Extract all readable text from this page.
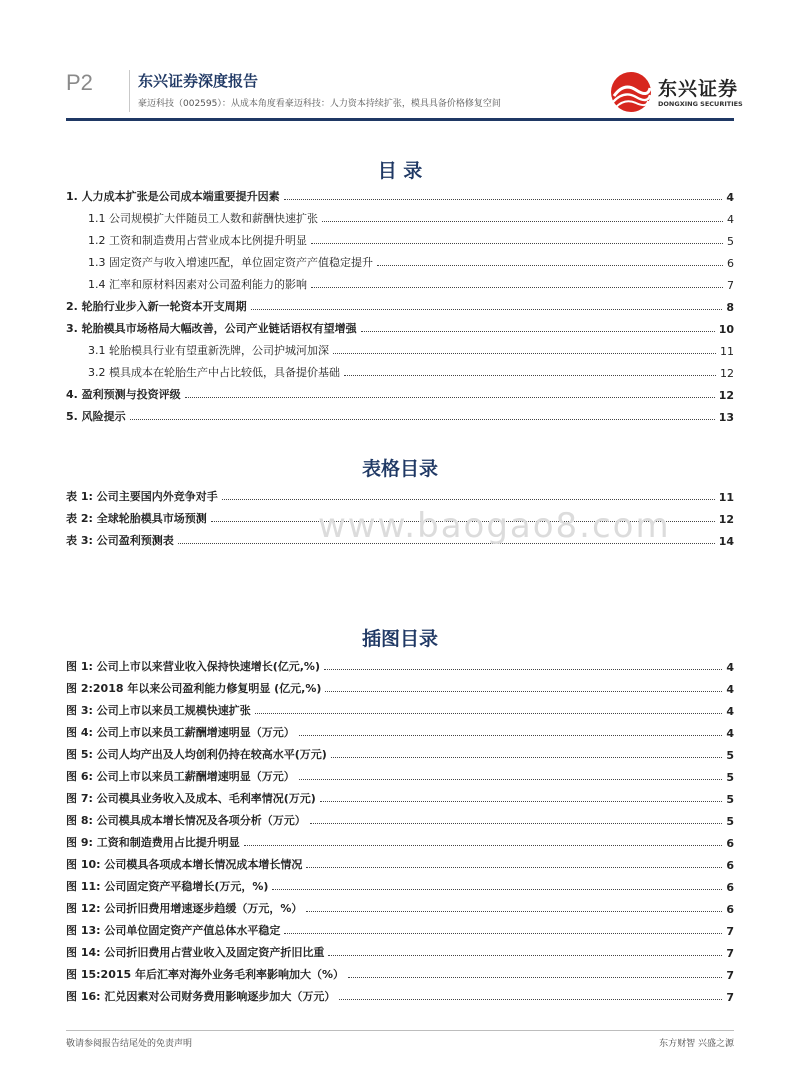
P2	东兴证券深度报告
豪迈科技（002595）：从成本角度看豪迈科技：人力资本持续扩张，模具具备价格修复空间
东兴证券
DONGXING SECURITIES
目 录
1. 人力成本扩张是公司成本端重要提升因素	4
1.1 公司规模扩大伴随员工人数和薪酬快速扩张	4
1.2 工资和制造费用占营业成本比例提升明显	5
1.3 固定资产与收入增速匹配，单位固定资产产值稳定提升	6
1.4 汇率和原材料因素对公司盈利能力的影响	7
2. 轮胎行业步入新一轮资本开支周期	8
3. 轮胎模具市场格局大幅改善，公司产业链话语权有望增强	10
3.1 轮胎模具行业有望重新洗牌，公司护城河加深	11
3.2 模具成本在轮胎生产中占比较低，具备提价基础	12
4. 盈利预测与投资评级	12
5. 风险提示	13
表格目录
表 1: 公司主要国内外竞争对手	11
表 2: 全球轮胎模具市场预测	12
表 3: 公司盈利预测表	14
www.baogao8.com
插图目录
图 1: 公司上市以来营业收入保持快速增长(亿元,%)	4
图 2:2018 年以来公司盈利能力修复明显 (亿元,%)	4
图 3: 公司上市以来员工规模快速扩张	4
图 4: 公司上市以来员工薪酬增速明显（万元）	4
图 5: 公司人均产出及人均创利仍持在较高水平(万元)	5
图 6: 公司上市以来员工薪酬增速明显（万元）	5
图 7: 公司模具业务收入及成本、毛利率情况(万元)	5
图 8: 公司模具成本增长情况及各项分析（万元）	5
图 9: 工资和制造费用占比提升明显	6
图 10: 公司模具各项成本增长情况成本增长情况	6
图 11: 公司固定资产平稳增长(万元，%)	6
图 12: 公司折旧费用增速逐步趋缓（万元，%）	6
图 13: 公司单位固定资产产值总体水平稳定	7
图 14: 公司折旧费用占营业收入及固定资产折旧比重	7
图 15:2015 年后汇率对海外业务毛利率影响加大（%）	7
图 16: 汇兑因素对公司财务费用影响逐步加大（万元）	7
敬请参阅报告结尾处的免责声明	东方财智 兴盛之源
